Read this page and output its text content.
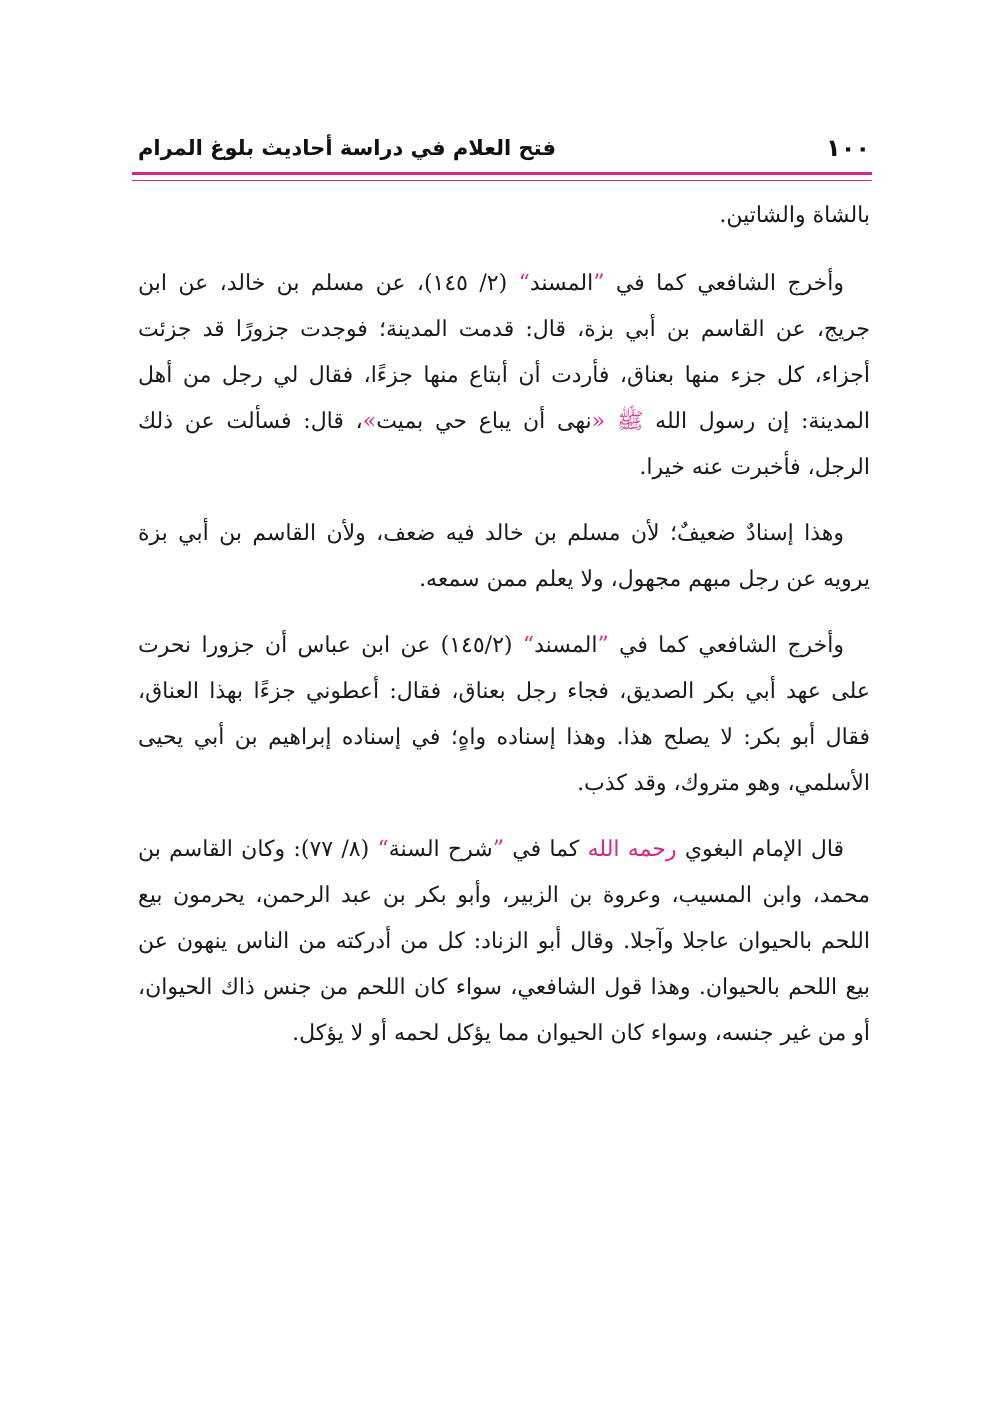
١٠٠
فتح العلام في دراسة أحاديث بلوغ المرام

بالشاة والشاتين.

وأخرج الشافعي كما في ”المسند“ (٢/ ١٤٥)، عن مسلم بن خالد، عن ابن جريج، عن القاسم بن أبي بزة، قال: قدمت المدينة؛ فوجدت جزورًا قد جزئت أجزاء، كل جزء منها بعناق، فأردت أن أبتاع منها جزءًا، فقال لي رجل من أهل المدينة: إن رسول الله ﷺ «نهى أن يباع حي بميت»، قال: فسألت عن ذلك الرجل، فأخبرت عنه خيرا.

وهذا إسنادٌ ضعيفٌ؛ لأن مسلم بن خالد فيه ضعف، ولأن القاسم بن أبي بزة يرويه عن رجل مبهم مجهول، ولا يعلم ممن سمعه.

وأخرج الشافعي كما في ”المسند“ (١٤٥/٢) عن ابن عباس أن جزورا نحرت على عهد أبي بكر الصديق، فجاء رجل بعناق، فقال: أعطوني جزءًا بهذا العناق، فقال أبو بكر: لا يصلح هذا. وهذا إسناده واهٍ؛ في إسناده إبراهيم بن أبي يحيى الأسلمي، وهو متروك، وقد كذب.

قال الإمام البغوي رحمه الله كما في ”شرح السنة“ (٨/ ٧٧): وكان القاسم بن محمد، وابن المسيب، وعروة بن الزبير، وأبو بكر بن عبد الرحمن، يحرمون بيع اللحم بالحيوان عاجلا وآجلا. وقال أبو الزناد: كل من أدركته من الناس ينهون عن بيع اللحم بالحيوان. وهذا قول الشافعي، سواء كان اللحم من جنس ذاك الحيوان، أو من غير جنسه، وسواء كان الحيوان مما يؤكل لحمه أو لا يؤكل.
